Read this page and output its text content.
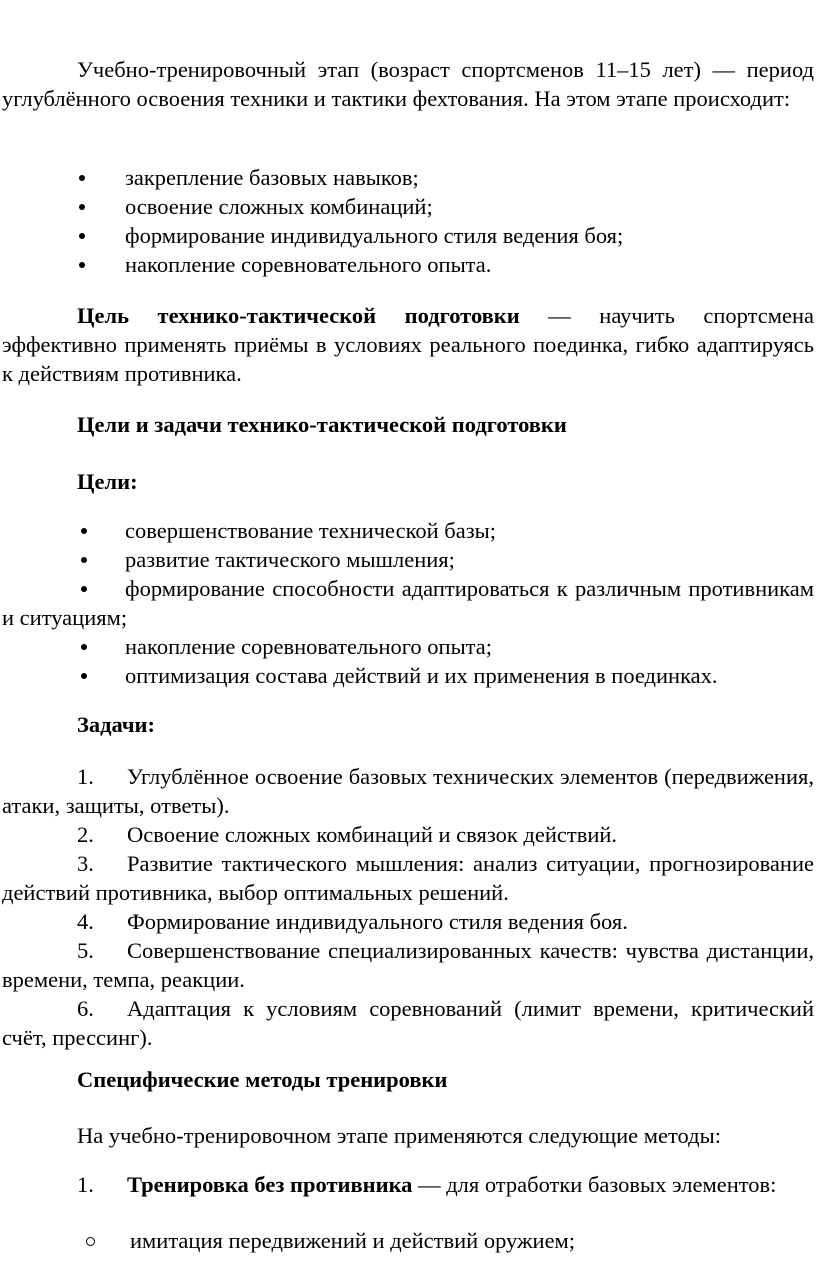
Учебно-тренировочный этап (возраст спортсменов 11–15 лет) — период углублённого освоения техники и тактики фехтования. На этом этапе происходит:

закрепление базовых навыков;
освоение сложных комбинаций;
формирование индивидуального стиля ведения боя;
накопление соревновательного опыта.

Цель технико-тактической подготовки — научить спортсмена эффективно применять приёмы в условиях реального поединка, гибко адаптируясь к действиям противника.

Цели и задачи технико-тактической подготовки

Цели:

совершенствование технической базы;
развитие тактического мышления;
формирование способности адаптироваться к различным противникам и ситуациям;
накопление соревновательного опыта;
оптимизация состава действий и их применения в поединках.

Задачи:

1. Углублённое освоение базовых технических элементов (передвижения, атаки, защиты, ответы).

2. Освоение сложных комбинаций и связок действий.

3. Развитие тактического мышления: анализ ситуации, прогнозирование действий противника, выбор оптимальных решений.

4. Формирование индивидуального стиля ведения боя.

5. Совершенствование специализированных качеств: чувства дистанции, времени, темпа, реакции.

6. Адаптация к условиям соревнований (лимит времени, критический счёт, прессинг).

Специфические методы тренировки

На учебно-тренировочном этапе применяются следующие методы:

1. Тренировка без противника — для отработки базовых элементов:

имитация передвижений и действий оружием;
